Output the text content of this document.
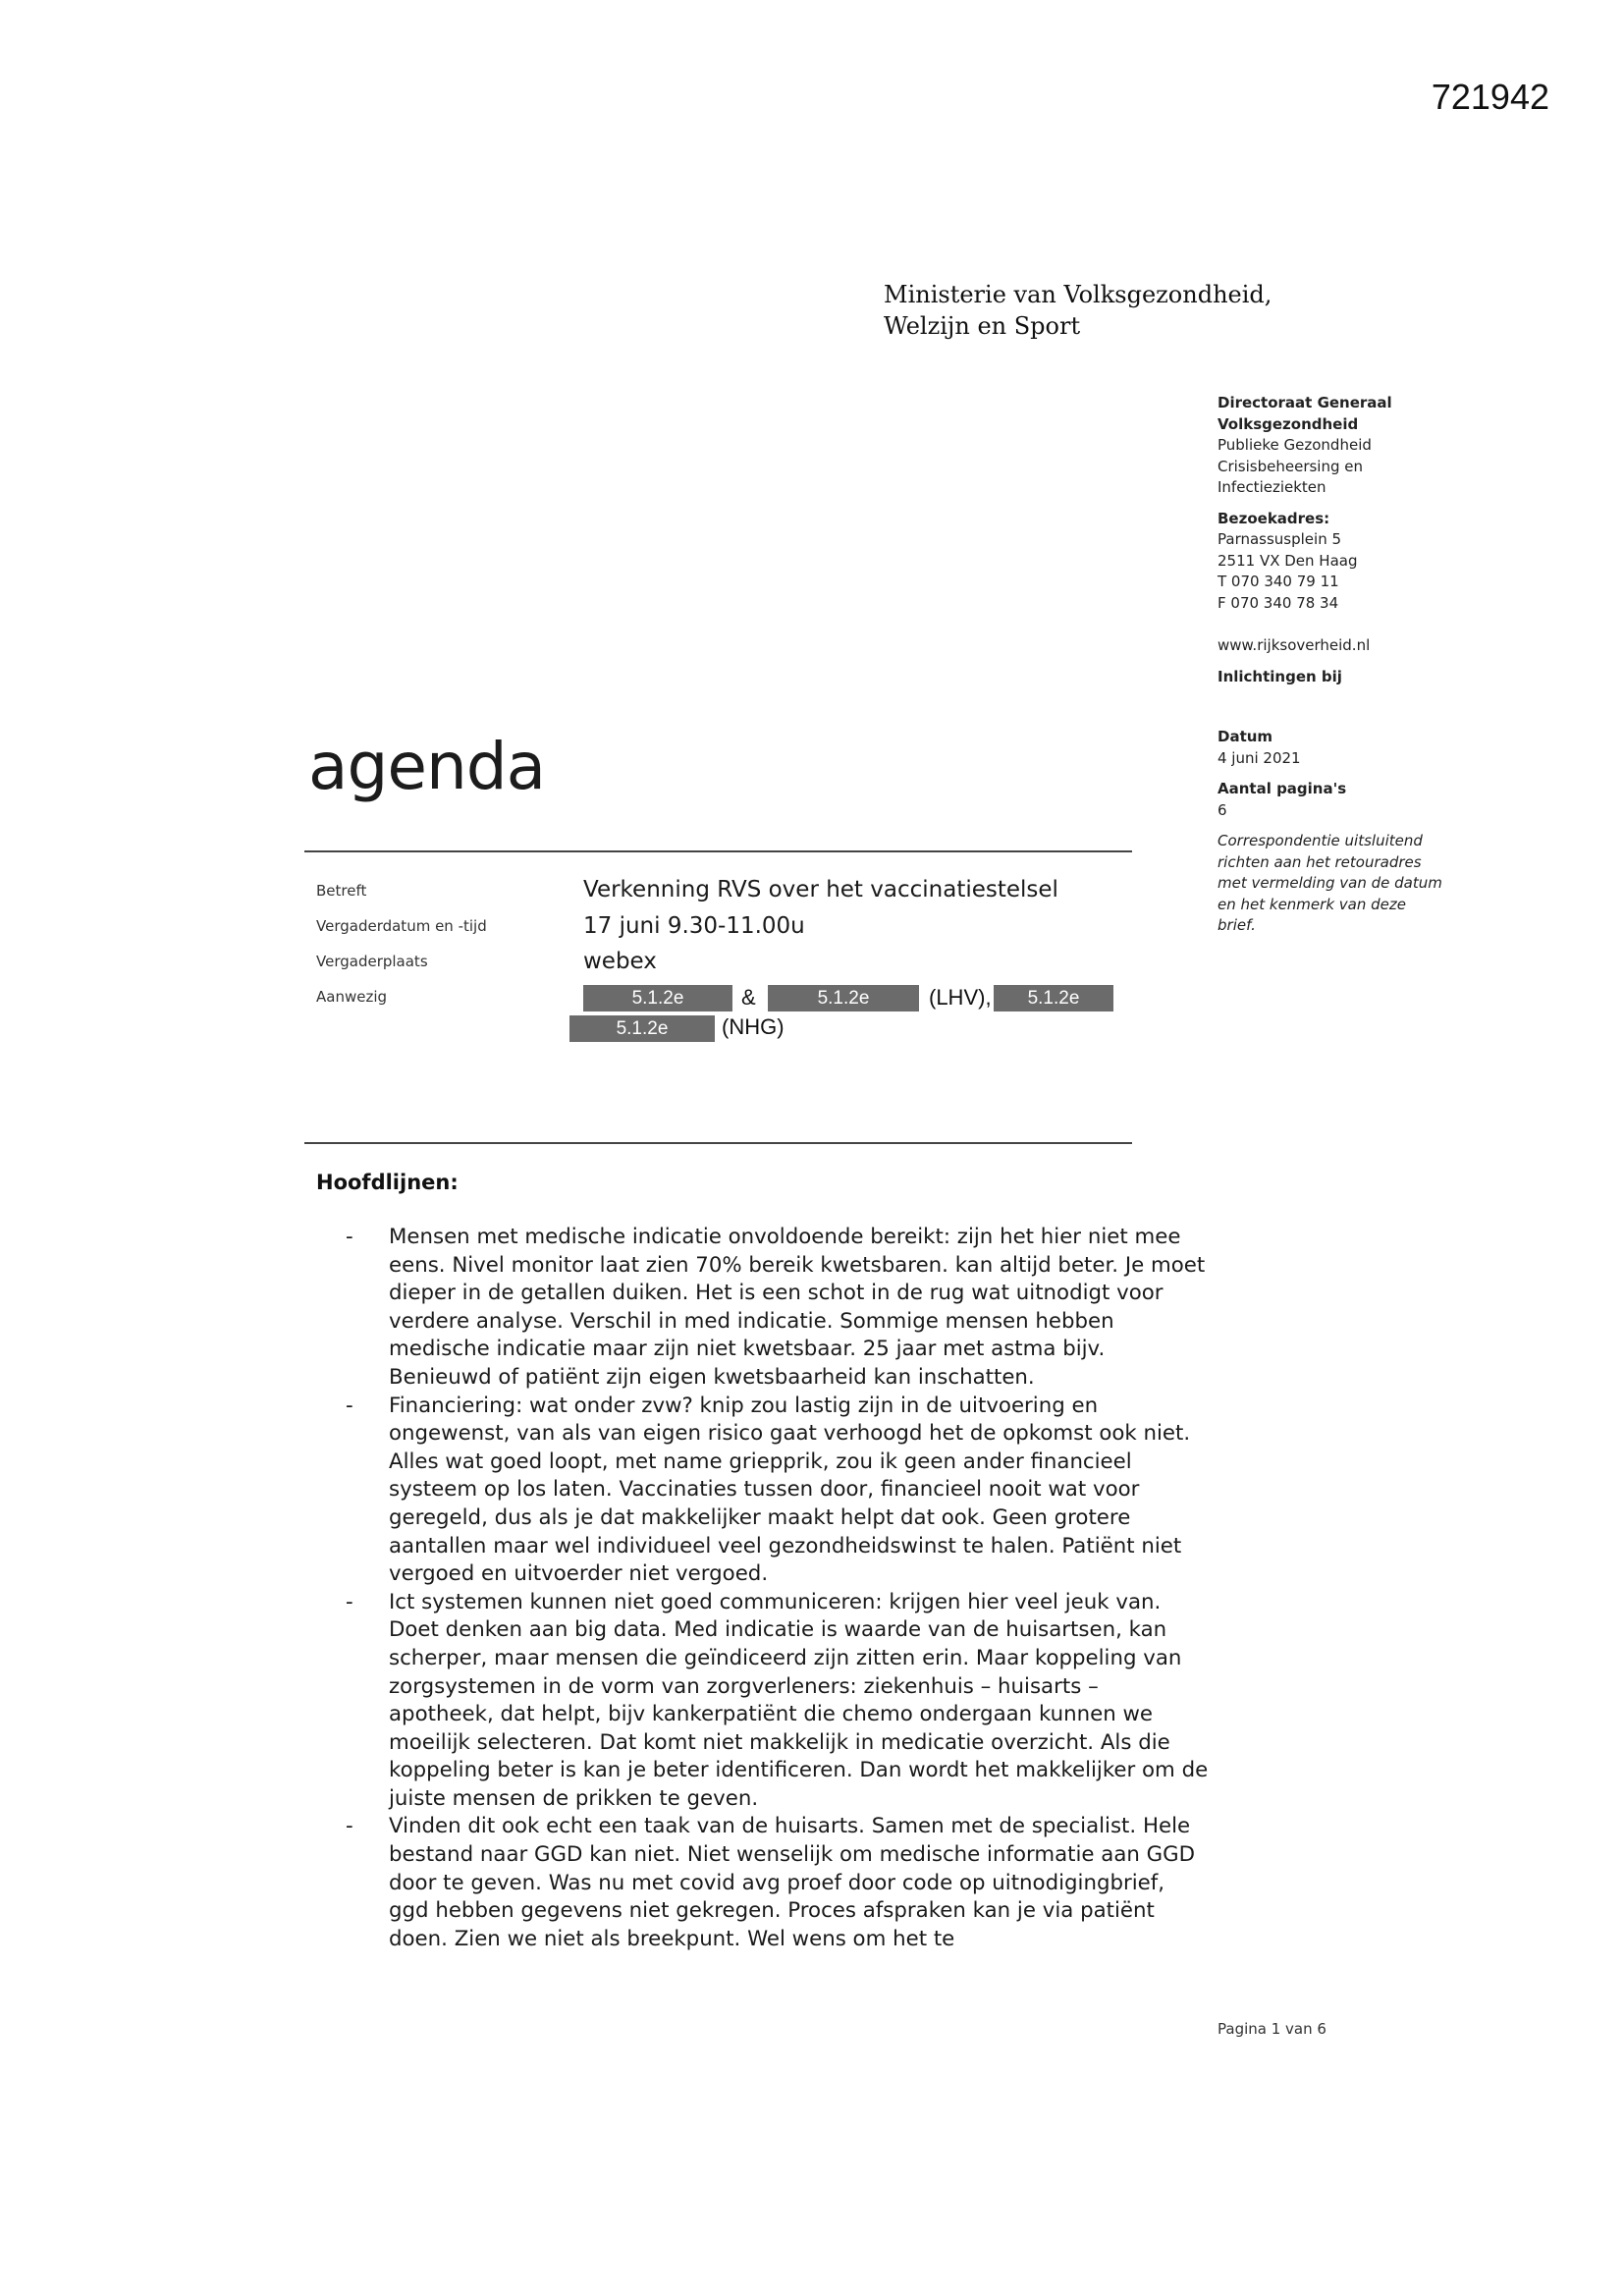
721942
Ministerie van Volksgezondheid,
Welzijn en Sport
Directoraat Generaal
Volksgezondheid
Publieke Gezondheid
Crisisbeheersing en
Infectieziekten
Bezoekadres:
Parnassusplein 5
2511 VX Den Haag
T 070 340 79 11
F 070 340 78 34
www.rijksoverheid.nl
Inlichtingen bij
Datum
4 juni 2021
Aantal pagina's
6
Correspondentie uitsluitend
richten aan het retouradres
met vermelding van de datum
en het kenmerk van deze
brief.
agenda
Betreft	Verkenning RVS over het vaccinatiestelsel
Vergaderdatum en -tijd	17 juni 9.30-11.00u
Vergaderplaats	webex
Aanwezig	5.1.2e	&	5.1.2e	(LHV),	5.1.2e
5.1.2e	(NHG)
Hoofdlijnen:
- Mensen met medische indicatie onvoldoende bereikt: zijn het hier niet mee eens. Nivel monitor laat zien 70% bereik kwetsbaren. kan altijd beter. Je moet dieper in de getallen duiken. Het is een schot in de rug wat uitnodigt voor verdere analyse. Verschil in med indicatie. Sommige mensen hebben medische indicatie maar zijn niet kwetsbaar. 25 jaar met astma bijv. Benieuwd of patiënt zijn eigen kwetsbaarheid kan inschatten.
- Financiering: wat onder zvw? knip zou lastig zijn in de uitvoering en ongewenst, van als van eigen risico gaat verhoogd het de opkomst ook niet. Alles wat goed loopt, met name griepprik, zou ik geen ander financieel systeem op los laten. Vaccinaties tussen door, financieel nooit wat voor geregeld, dus als je dat makkelijker maakt helpt dat ook. Geen grotere aantallen maar wel individueel veel gezondheidswinst te halen. Patiënt niet vergoed en uitvoerder niet vergoed.
- Ict systemen kunnen niet goed communiceren: krijgen hier veel jeuk van. Doet denken aan big data. Med indicatie is waarde van de huisartsen, kan scherper, maar mensen die geïndiceerd zijn zitten erin. Maar koppeling van zorgsystemen in de vorm van zorgverleners: ziekenhuis – huisarts – apotheek, dat helpt, bijv kankerpatiënt die chemo ondergaan kunnen we moeilijk selecteren. Dat komt niet makkelijk in medicatie overzicht. Als die koppeling beter is kan je beter identificeren. Dan wordt het makkelijker om de juiste mensen de prikken te geven.
- Vinden dit ook echt een taak van de huisarts. Samen met de specialist. Hele bestand naar GGD kan niet. Niet wenselijk om medische informatie aan GGD door te geven. Was nu met covid avg proef door code op uitnodigingbrief, ggd hebben gegevens niet gekregen. Proces afspraken kan je via patiënt doen. Zien we niet als breekpunt. Wel wens om het te
Pagina 1 van 6
